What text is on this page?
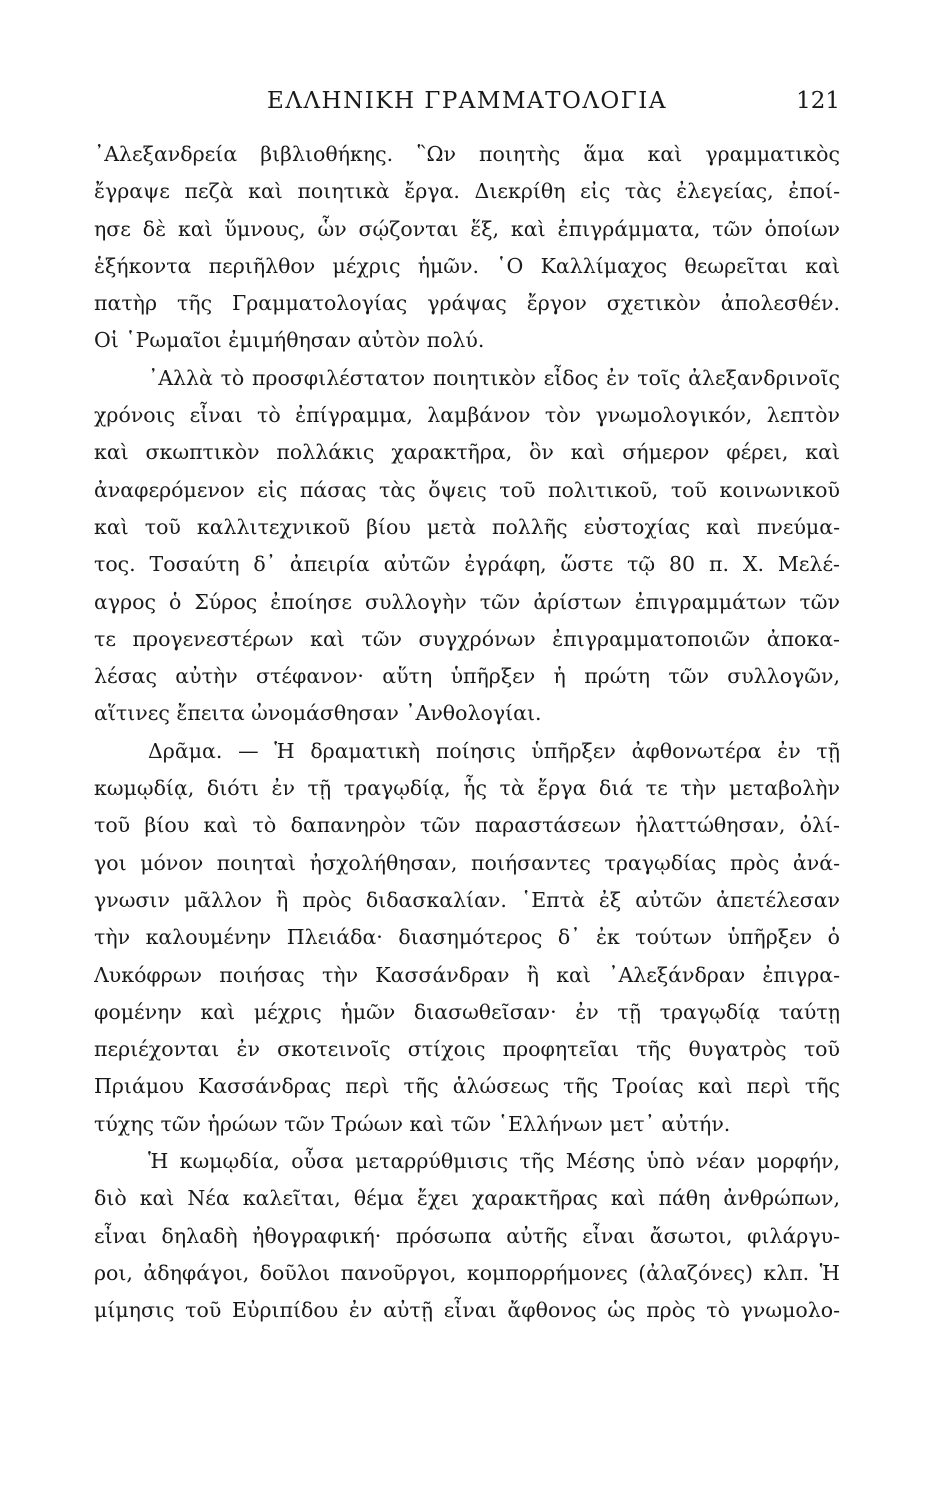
ΕΛΛΗΝΙΚΗ ΓΡΑΜΜΑΤΟΛΟΓΙΑ	121
᾿Αλεξανδρεία βιβλιοθήκης. ῝Ων ποιητὴς ἅμα καὶ γραμματικὸς
ἔγραψε πεζὰ καὶ ποιητικὰ ἔργα. Διεκρίθη εἰς τὰς ἐλεγείας, ἐποί-
ησε δὲ καὶ ὕμνους, ὧν σῴζονται ἕξ, καὶ ἐπιγράμματα, τῶν ὁποίων
ἑξήκοντα περιῆλθον μέχρις ἡμῶν. ῾Ο Καλλίμαχος θεωρεῖται καὶ
πατὴρ τῆς Γραμματολογίας γράψας ἔργον σχετικὸν ἀπολεσθέν.
Οἱ ῾Ρωμαῖοι ἐμιμήθησαν αὐτὸν πολύ.
᾿Αλλὰ τὸ προσφιλέστατον ποιητικὸν εἶδος ἐν τοῖς ἀλεξανδρινοῖς
χρόνοις εἶναι τὸ ἐπίγραμμα, λαμβάνον τὸν γνωμολογικόν, λεπτὸν
καὶ σκωπτικὸν πολλάκις χαρακτῆρα, ὃν καὶ σήμερον φέρει, καὶ
ἀναφερόμενον εἰς πάσας τὰς ὄψεις τοῦ πολιτικοῦ, τοῦ κοινωνικοῦ
καὶ τοῦ καλλιτεχνικοῦ βίου μετὰ πολλῆς εὐστοχίας καὶ πνεύμα-
τος. Τοσαύτη δ᾿ ἀπειρία αὐτῶν ἐγράφη, ὥστε τῷ 80 π. Χ. Μελέ-
αγρος ὁ Σύρος ἐποίησε συλλογὴν τῶν ἀρίστων ἐπιγραμμάτων τῶν
τε προγενεστέρων καὶ τῶν συγχρόνων ἐπιγραμματοποιῶν ἀποκα-
λέσας αὐτὴν στέφανον· αὕτη ὑπῆρξεν ἡ πρώτη τῶν συλλογῶν,
αἵτινες ἔπειτα ὠνομάσθησαν ᾿Ανθολογίαι.
Δρᾶμα. — Ἡ δραματικὴ ποίησις ὑπῆρξεν ἀφθονωτέρα ἐν τῇ
κωμῳδίᾳ, διότι ἐν τῇ τραγῳδίᾳ, ἧς τὰ ἔργα διά τε τὴν μεταβολὴν
τοῦ βίου καὶ τὸ δαπανηρὸν τῶν παραστάσεων ἠλαττώθησαν, ὀλί-
γοι μόνον ποιηταὶ ἠσχολήθησαν, ποιήσαντες τραγῳδίας πρὸς ἀνά-
γνωσιν μᾶλλον ἢ πρὸς διδασκαλίαν. ῾Επτὰ ἐξ αὐτῶν ἀπετέλεσαν
τὴν καλουμένην Πλειάδα· διασημότερος δ᾿ ἐκ τούτων ὑπῆρξεν ὁ
Λυκόφρων ποιήσας τὴν Κασσάνδραν ἢ καὶ ᾿Αλεξάνδραν ἐπιγρα-
φομένην καὶ μέχρις ἡμῶν διασωθεῖσαν· ἐν τῇ τραγῳδίᾳ ταύτῃ
περιέχονται ἐν σκοτεινοῖς στίχοις προφητεῖαι τῆς θυγατρὸς τοῦ
Πριάμου Κασσάνδρας περὶ τῆς ἁλώσεως τῆς Τροίας καὶ περὶ τῆς
τύχης τῶν ἡρώων τῶν Τρώων καὶ τῶν ῾Ελλήνων μετ᾿ αὐτήν.
Ἡ κωμῳδία, οὖσα μεταρρύθμισις τῆς Μέσης ὑπὸ νέαν μορφήν,
διὸ καὶ Νέα καλεῖται, θέμα ἔχει χαρακτῆρας καὶ πάθη ἀνθρώπων,
εἶναι δηλαδὴ ἠθογραφική· πρόσωπα αὐτῆς εἶναι ἄσωτοι, φιλάργυ-
ροι, ἀδηφάγοι, δοῦλοι πανοῦργοι, κομπορρήμονες (ἀλαζόνες) κλπ. Ἡ
μίμησις τοῦ Εὐριπίδου ἐν αὐτῇ εἶναι ἄφθονος ὡς πρὸς τὸ γνωμολο-
